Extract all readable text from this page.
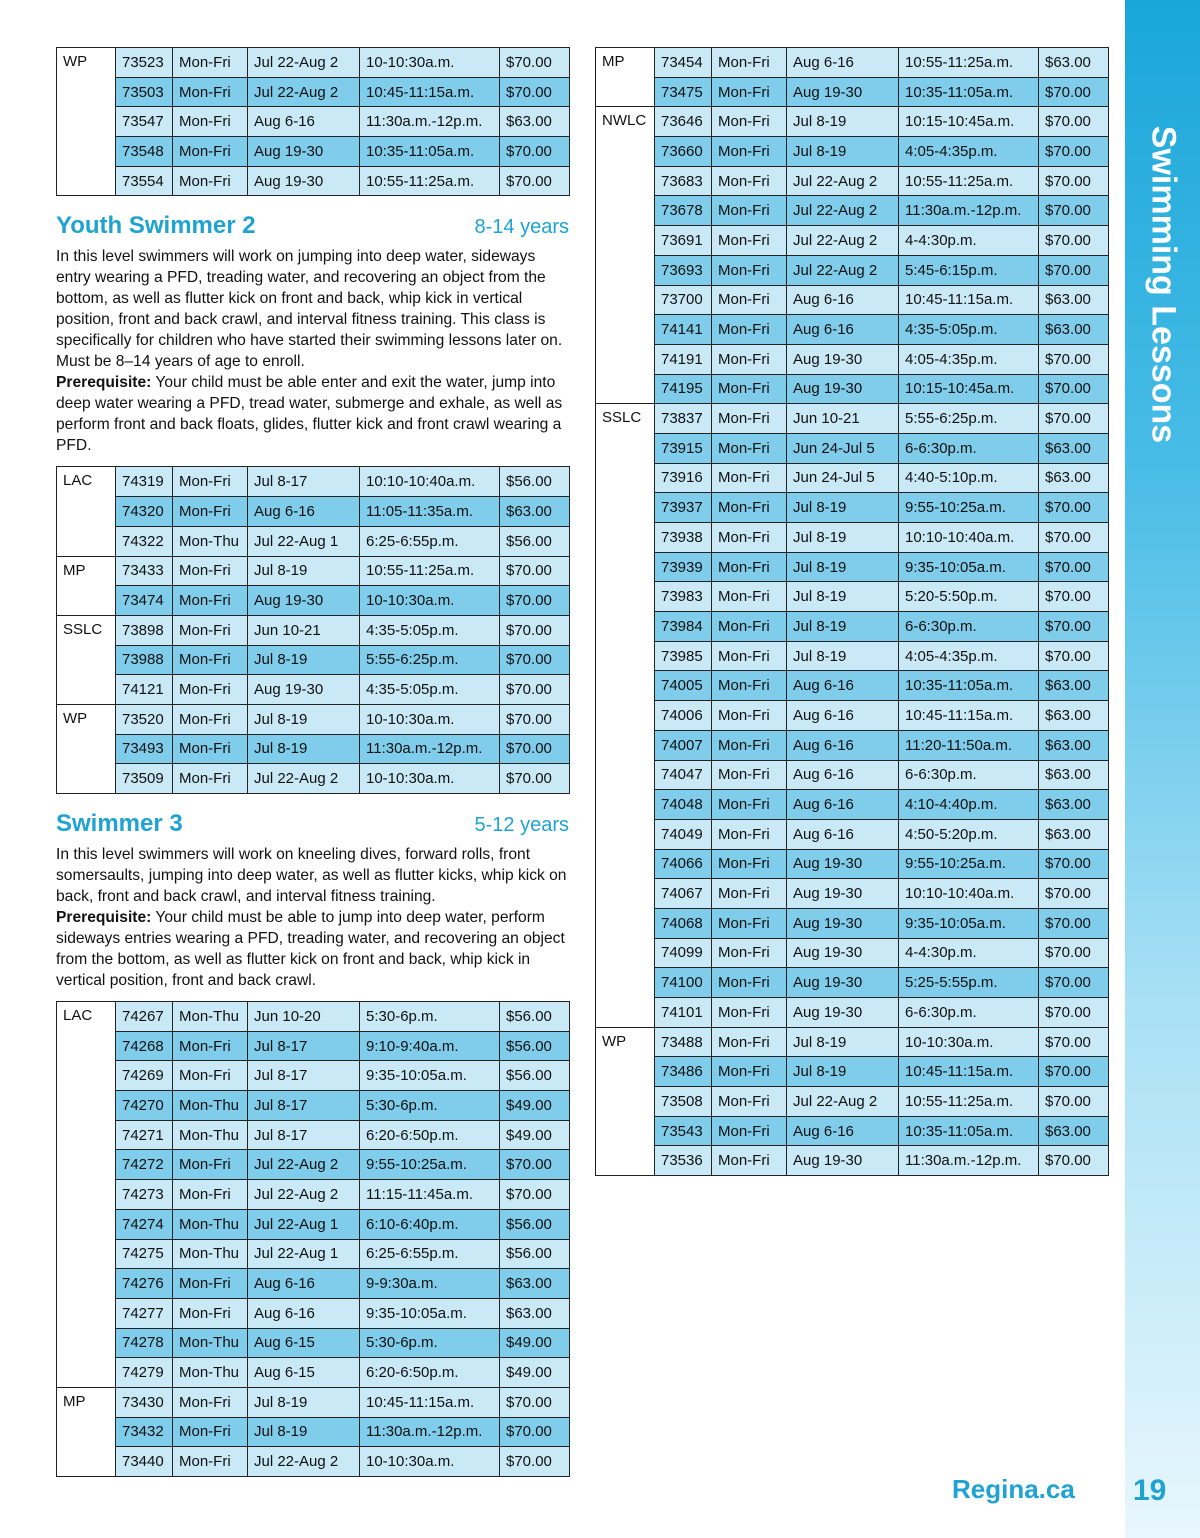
WP	73523	Mon-Fri	Jul 22-Aug 2	10-10:30a.m.	$70.00
	73503	Mon-Fri	Jul 22-Aug 2	10:45-11:15a.m.	$70.00
	73547	Mon-Fri	Aug 6-16	11:30a.m.-12p.m.	$63.00
	73548	Mon-Fri	Aug 19-30	10:35-11:05a.m.	$70.00
	73554	Mon-Fri	Aug 19-30	10:55-11:25a.m.	$70.00
Youth Swimmer 2	8-14 years
In this level swimmers will work on jumping into deep water, sideways entry wearing a PFD, treading water, and recovering an object from the bottom, as well as flutter kick on front and back, whip kick in vertical position, front and back crawl, and interval fitness training. This class is specifically for children who have started their swimming lessons later on. Must be 8–14 years of age to enroll.
Prerequisite: Your child must be able enter and exit the water, jump into deep water wearing a PFD, tread water, submerge and exhale, as well as perform front and back floats, glides, flutter kick and front crawl wearing a PFD.
LAC	74319	Mon-Fri	Jul 8-17	10:10-10:40a.m.	$56.00
	74320	Mon-Fri	Aug 6-16	11:05-11:35a.m.	$63.00
	74322	Mon-Thu	Jul 22-Aug 1	6:25-6:55p.m.	$56.00
MP	73433	Mon-Fri	Jul 8-19	10:55-11:25a.m.	$70.00
	73474	Mon-Fri	Aug 19-30	10-10:30a.m.	$70.00
SSLC	73898	Mon-Fri	Jun 10-21	4:35-5:05p.m.	$70.00
	73988	Mon-Fri	Jul 8-19	5:55-6:25p.m.	$70.00
	74121	Mon-Fri	Aug 19-30	4:35-5:05p.m.	$70.00
WP	73520	Mon-Fri	Jul 8-19	10-10:30a.m.	$70.00
	73493	Mon-Fri	Jul 8-19	11:30a.m.-12p.m.	$70.00
	73509	Mon-Fri	Jul 22-Aug 2	10-10:30a.m.	$70.00
Swimmer 3	5-12 years
In this level swimmers will work on kneeling dives, forward rolls, front somersaults, jumping into deep water, as well as flutter kicks, whip kick on back, front and back crawl, and interval fitness training.
Prerequisite: Your child must be able to jump into deep water, perform sideways entries wearing a PFD, treading water, and recovering an object from the bottom, as well as flutter kick on front and back, whip kick in vertical position, front and back crawl.
LAC	74267	Mon-Thu	Jun 10-20	5:30-6p.m.	$56.00
	74268	Mon-Fri	Jul 8-17	9:10-9:40a.m.	$56.00
	74269	Mon-Fri	Jul 8-17	9:35-10:05a.m.	$56.00
	74270	Mon-Thu	Jul 8-17	5:30-6p.m.	$49.00
	74271	Mon-Thu	Jul 8-17	6:20-6:50p.m.	$49.00
	74272	Mon-Fri	Jul 22-Aug 2	9:55-10:25a.m.	$70.00
	74273	Mon-Fri	Jul 22-Aug 2	11:15-11:45a.m.	$70.00
	74274	Mon-Thu	Jul 22-Aug 1	6:10-6:40p.m.	$56.00
	74275	Mon-Thu	Jul 22-Aug 1	6:25-6:55p.m.	$56.00
	74276	Mon-Fri	Aug 6-16	9-9:30a.m.	$63.00
	74277	Mon-Fri	Aug 6-16	9:35-10:05a.m.	$63.00
	74278	Mon-Thu	Aug 6-15	5:30-6p.m.	$49.00
	74279	Mon-Thu	Aug 6-15	6:20-6:50p.m.	$49.00
MP	73430	Mon-Fri	Jul 8-19	10:45-11:15a.m.	$70.00
	73432	Mon-Fri	Jul 8-19	11:30a.m.-12p.m.	$70.00
	73440	Mon-Fri	Jul 22-Aug 2	10-10:30a.m.	$70.00
MP	73454	Mon-Fri	Aug 6-16	10:55-11:25a.m.	$63.00
	73475	Mon-Fri	Aug 19-30	10:35-11:05a.m.	$70.00
NWLC	73646	Mon-Fri	Jul 8-19	10:15-10:45a.m.	$70.00
	73660	Mon-Fri	Jul 8-19	4:05-4:35p.m.	$70.00
	73683	Mon-Fri	Jul 22-Aug 2	10:55-11:25a.m.	$70.00
	73678	Mon-Fri	Jul 22-Aug 2	11:30a.m.-12p.m.	$70.00
	73691	Mon-Fri	Jul 22-Aug 2	4-4:30p.m.	$70.00
	73693	Mon-Fri	Jul 22-Aug 2	5:45-6:15p.m.	$70.00
	73700	Mon-Fri	Aug 6-16	10:45-11:15a.m.	$63.00
	74141	Mon-Fri	Aug 6-16	4:35-5:05p.m.	$63.00
	74191	Mon-Fri	Aug 19-30	4:05-4:35p.m.	$70.00
	74195	Mon-Fri	Aug 19-30	10:15-10:45a.m.	$70.00
SSLC	73837	Mon-Fri	Jun 10-21	5:55-6:25p.m.	$70.00
	73915	Mon-Fri	Jun 24-Jul 5	6-6:30p.m.	$63.00
	73916	Mon-Fri	Jun 24-Jul 5	4:40-5:10p.m.	$63.00
	73937	Mon-Fri	Jul 8-19	9:55-10:25a.m.	$70.00
	73938	Mon-Fri	Jul 8-19	10:10-10:40a.m.	$70.00
	73939	Mon-Fri	Jul 8-19	9:35-10:05a.m.	$70.00
	73983	Mon-Fri	Jul 8-19	5:20-5:50p.m.	$70.00
	73984	Mon-Fri	Jul 8-19	6-6:30p.m.	$70.00
	73985	Mon-Fri	Jul 8-19	4:05-4:35p.m.	$70.00
	74005	Mon-Fri	Aug 6-16	10:35-11:05a.m.	$63.00
	74006	Mon-Fri	Aug 6-16	10:45-11:15a.m.	$63.00
	74007	Mon-Fri	Aug 6-16	11:20-11:50a.m.	$63.00
	74047	Mon-Fri	Aug 6-16	6-6:30p.m.	$63.00
	74048	Mon-Fri	Aug 6-16	4:10-4:40p.m.	$63.00
	74049	Mon-Fri	Aug 6-16	4:50-5:20p.m.	$63.00
	74066	Mon-Fri	Aug 19-30	9:55-10:25a.m.	$70.00
	74067	Mon-Fri	Aug 19-30	10:10-10:40a.m.	$70.00
	74068	Mon-Fri	Aug 19-30	9:35-10:05a.m.	$70.00
	74099	Mon-Fri	Aug 19-30	4-4:30p.m.	$70.00
	74100	Mon-Fri	Aug 19-30	5:25-5:55p.m.	$70.00
	74101	Mon-Fri	Aug 19-30	6-6:30p.m.	$70.00
WP	73488	Mon-Fri	Jul 8-19	10-10:30a.m.	$70.00
	73486	Mon-Fri	Jul 8-19	10:45-11:15a.m.	$70.00
	73508	Mon-Fri	Jul 22-Aug 2	10:55-11:25a.m.	$70.00
	73543	Mon-Fri	Aug 6-16	10:35-11:05a.m.	$63.00
	73536	Mon-Fri	Aug 19-30	11:30a.m.-12p.m.	$70.00
Swimming Lessons
Regina.ca 19
